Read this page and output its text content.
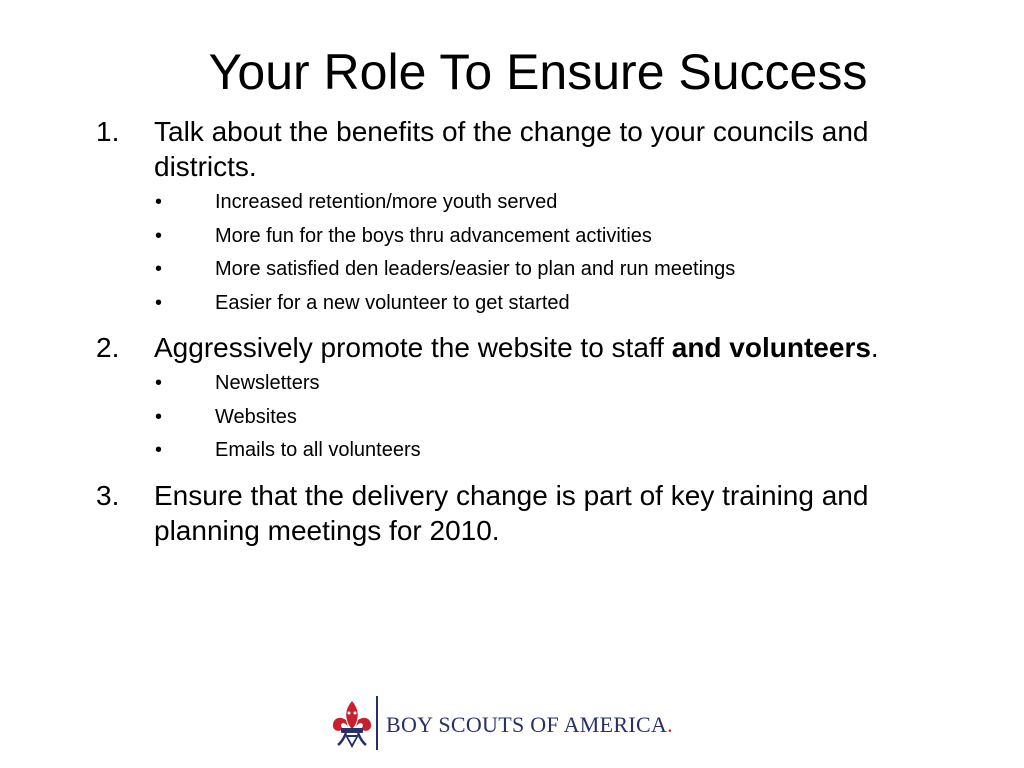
Your Role To Ensure Success
1. Talk about the benefits of the change to your councils and districts.
•	Increased retention/more youth served
•	More fun for the boys thru advancement activities
•	More satisfied den leaders/easier to plan and run meetings
•	Easier for a new volunteer to get started
2. Aggressively promote the website to staff and volunteers.
•	Newsletters
•	Websites
•	Emails to all volunteers
3. Ensure that the delivery change is part of key training and planning meetings for 2010.
BOY SCOUTS OF AMERICA.
